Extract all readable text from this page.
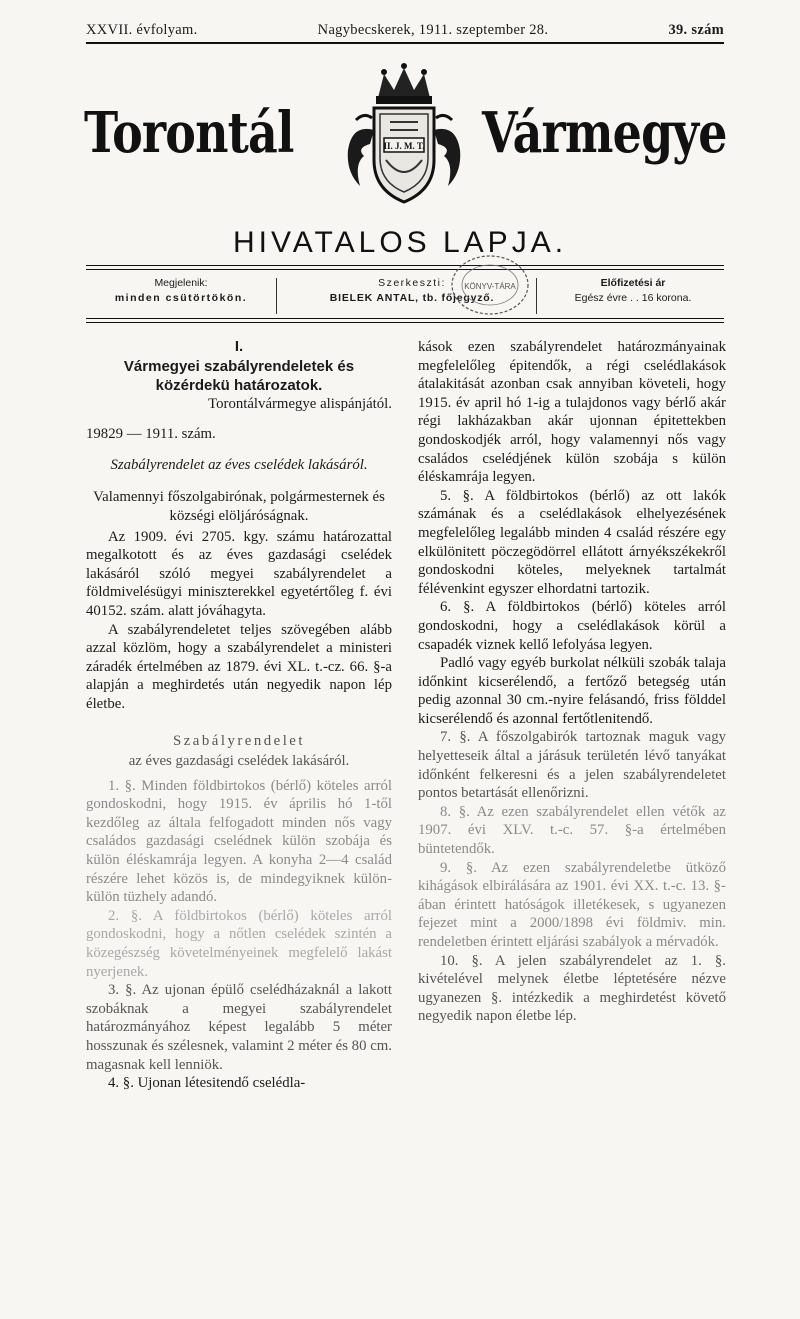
XXVII. évfolyam.	Nagybecskerek, 1911. szeptember 28.	39. szám
Torontál	II. J. M. T. Vármegye
HIVATALOS LAPJA.
Megjelenik:
minden csütörtökön.
Szerkeszti:
BIELEK ANTAL, tb. főjegyző.
Előfizetési ár
Egész évre . . 16 korona.
KÖNYV-TÁRA

I.

Vármegyei szabályrendeletek és közérdekü határozatok.

Torontálvármegye alispánjától.

19829 — 1911. szám.

Szabályrendelet az éves cselédek lakásáról.

Valamennyi főszolgabirónak, polgármesternek és községi elöljáróságnak.

Az 1909. évi 2705. kgy. számu határozattal megalkotott és az éves gazdasági cselédek lakásáról szóló megyei szabályrendelet a földmivelésügyi miniszterekkel egyetértőleg f. évi 40152. szám. alatt jóváhagyta.

A szabályrendeletet teljes szövegében alább azzal közlöm, hogy a szabályrendelet a ministeri záradék értelmében az 1879. évi XL. t.-cz. 66. §-a alapján a meghirdetés után negyedik napon lép életbe.

Szabályrendelet

az éves gazdasági cselédek lakásáról.

1. §. Minden földbirtokos (bérlő) köteles arról gondoskodni, hogy 1915. év április hó 1-től kezdőleg az általa felfogadott minden nős vagy családos gazdasági cselédnek külön szobája és külön éléskamrája legyen. A konyha 2—4 család részére lehet közös is, de mindegyiknek külön-külön tüzhely adandó.

2. §. A földbirtokos (bérlő) köteles arról gondoskodni, hogy a nőtlen cselédek szintén a közegészség követelményeinek megfelelő lakást nyerjenek.

3. §. Az ujonan épülő cselédházaknál a lakott szobáknak a megyei szabályrendelet határozmányához képest legalább 5 méter hosszunak és szélesnek, valamint 2 méter és 80 cm. magasnak kell lenniök.

4. §. Ujonan létesitendő cselédla-

kások ezen szabályrendelet határozmányainak megfelelőleg épitendők, a régi cselédlakások átalakitását azonban csak annyiban követeli, hogy 1915. év april hó 1-ig a tulajdonos vagy bérlő akár régi lakházakban akár ujonnan épitettekben gondoskodjék arról, hogy valamennyi nős vagy családos cselédjének külön szobája s külön éléskamrája legyen.

5. §. A földbirtokos (bérlő) az ott lakók számának és a cselédlakások elhelyezésének megfelelőleg legalább minden 4 család részére egy elkülönitett pöczegödörrel ellátott árnyékszékekről gondoskodni köteles, melyeknek tartalmát félévenkint egyszer elhordatni tartozik.

6. §. A földbirtokos (bérlő) köteles arról gondoskodni, hogy a cselédlakások körül a csapadék viznek kellő lefolyása legyen.

Padló vagy egyéb burkolat nélküli szobák talaja időnkint kicserélendő, a fertőző betegség után pedig azonnal 30 cm.-nyire felásandó, friss földdel kicserélendő és azonnal fertőtlenitendő.

7. §. A főszolgabirók tartoznak maguk vagy helyetteseik által a járásuk területén lévő tanyákat időnként felkeresni és a jelen szabályrendeletet pontos betartását ellenőrizni.

8. §. Az ezen szabályrendelet ellen vétők az 1907. évi XLV. t.-c. 57. §-a értelmében büntetendők.

9. §. Az ezen szabályrendeletbe ütköző kihágások elbirálására az 1901. évi XX. t.-c. 13. §-ában érintett hatóságok illetékesek, s ugyanezen fejezet mint a 2000/1898 évi földmiv. min. rendeletben érintett eljárási szabályok a mérvadók.

10. §. A jelen szabályrendelet az 1. §. kivételével melynek életbe léptetésére nézve ugyanezen §. intézkedik a meghirdetést követő negyedik napon életbe lép.
